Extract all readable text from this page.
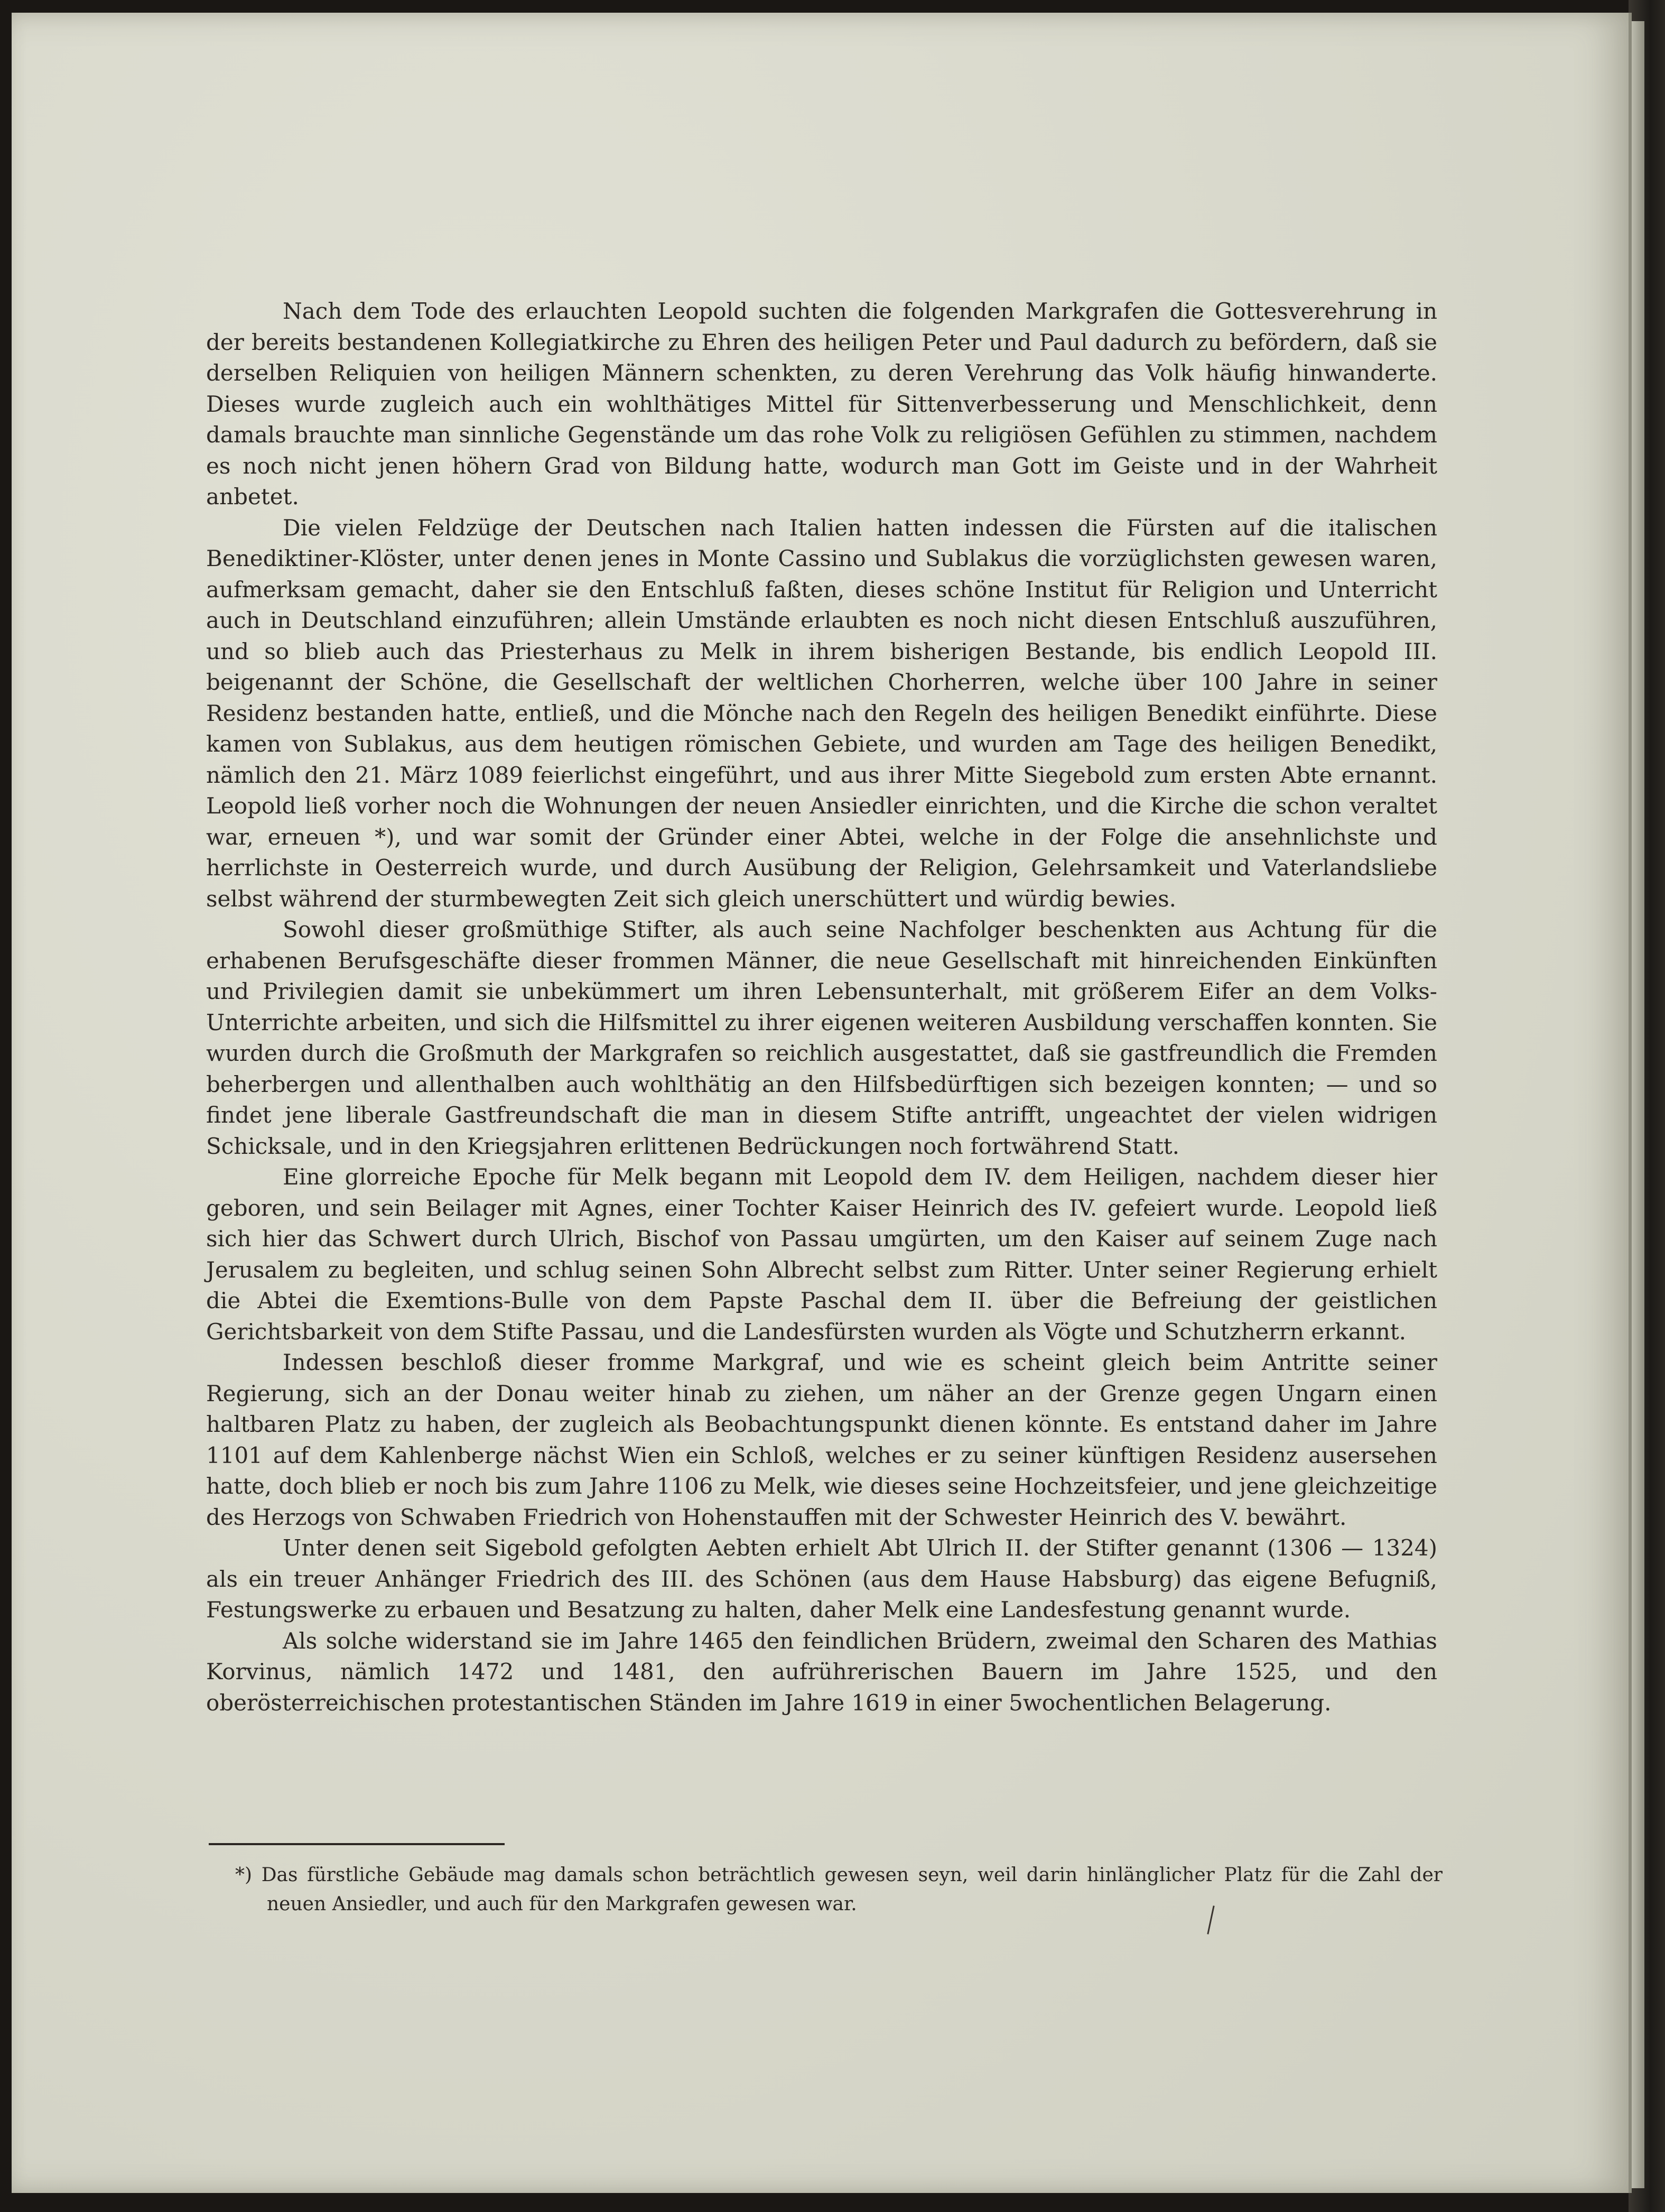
Nach dem Tode des erlauchten Leopold suchten die folgenden Markgrafen die Gottesverehrung in der bereits bestandenen Kollegiatkirche zu Ehren des heiligen Peter und Paul dadurch zu befördern, daß sie derselben Reliquien von heiligen Männern schenkten, zu deren Verehrung das Volk häufig hinwanderte. Dieses wurde zugleich auch ein wohlthätiges Mittel für Sittenverbesserung und Menschlichkeit, denn damals brauchte man sinnliche Gegenstände um das rohe Volk zu religiösen Gefühlen zu stimmen, nachdem es noch nicht jenen höhern Grad von Bildung hatte, wodurch man Gott im Geiste und in der Wahrheit anbetet.

Die vielen Feldzüge der Deutschen nach Italien hatten indessen die Fürsten auf die italischen Benediktiner-Klöster, unter denen jenes in Monte Cassino und Sublakus die vorzüglichsten gewesen waren, aufmerksam gemacht, daher sie den Entschluß faßten, dieses schöne Institut für Religion und Unterricht auch in Deutschland einzuführen; allein Umstände erlaubten es noch nicht diesen Entschluß auszuführen, und so blieb auch das Priesterhaus zu Melk in ihrem bisherigen Bestande, bis endlich Leopold III. beigenannt der Schöne, die Gesellschaft der weltlichen Chorherren, welche über 100 Jahre in seiner Residenz bestanden hatte, entließ, und die Mönche nach den Regeln des heiligen Benedikt einführte. Diese kamen von Sublakus, aus dem heutigen römischen Gebiete, und wurden am Tage des heiligen Benedikt, nämlich den 21. März 1089 feierlichst eingeführt, und aus ihrer Mitte Siegebold zum ersten Abte ernannt. Leopold ließ vorher noch die Wohnungen der neuen Ansiedler einrichten, und die Kirche die schon veraltet war, erneuen *), und war somit der Gründer einer Abtei, welche in der Folge die ansehnlichste und herrlichste in Oesterreich wurde, und durch Ausübung der Religion, Gelehrsamkeit und Vaterlandsliebe selbst während der sturmbewegten Zeit sich gleich unerschüttert und würdig bewies.

Sowohl dieser großmüthige Stifter, als auch seine Nachfolger beschenkten aus Achtung für die erhabenen Berufsgeschäfte dieser frommen Männer, die neue Gesellschaft mit hinreichenden Einkünften und Privilegien damit sie unbekümmert um ihren Lebensunterhalt, mit größerem Eifer an dem Volks-Unterrichte arbeiten, und sich die Hilfsmittel zu ihrer eigenen weiteren Ausbildung verschaffen konnten. Sie wurden durch die Großmuth der Markgrafen so reichlich ausgestattet, daß sie gastfreundlich die Fremden beherbergen und allenthalben auch wohlthätig an den Hilfsbedürftigen sich bezeigen konnten; — und so findet jene liberale Gastfreundschaft die man in diesem Stifte antrifft, ungeachtet der vielen widrigen Schicksale, und in den Kriegsjahren erlittenen Bedrückungen noch fortwährend Statt.

Eine glorreiche Epoche für Melk begann mit Leopold dem IV. dem Heiligen, nachdem dieser hier geboren, und sein Beilager mit Agnes, einer Tochter Kaiser Heinrich des IV. gefeiert wurde. Leopold ließ sich hier das Schwert durch Ulrich, Bischof von Passau umgürten, um den Kaiser auf seinem Zuge nach Jerusalem zu begleiten, und schlug seinen Sohn Albrecht selbst zum Ritter. Unter seiner Regierung erhielt die Abtei die Exemtions-Bulle von dem Papste Paschal dem II. über die Befreiung der geistlichen Gerichtsbarkeit von dem Stifte Passau, und die Landesfürsten wurden als Vögte und Schutzherrn erkannt.

Indessen beschloß dieser fromme Markgraf, und wie es scheint gleich beim Antritte seiner Regierung, sich an der Donau weiter hinab zu ziehen, um näher an der Grenze gegen Ungarn einen haltbaren Platz zu haben, der zugleich als Beobachtungspunkt dienen könnte. Es entstand daher im Jahre 1101 auf dem Kahlenberge nächst Wien ein Schloß, welches er zu seiner künftigen Residenz ausersehen hatte, doch blieb er noch bis zum Jahre 1106 zu Melk, wie dieses seine Hochzeitsfeier, und jene gleichzeitige des Herzogs von Schwaben Friedrich von Hohenstauffen mit der Schwester Heinrich des V. bewährt.

Unter denen seit Sigebold gefolgten Aebten erhielt Abt Ulrich II. der Stifter genannt (1306 — 1324) als ein treuer Anhänger Friedrich des III. des Schönen (aus dem Hause Habsburg) das eigene Befugniß, Festungswerke zu erbauen und Besatzung zu halten, daher Melk eine Landesfestung genannt wurde.

Als solche widerstand sie im Jahre 1465 den feindlichen Brüdern, zweimal den Scharen des Mathias Korvinus, nämlich 1472 und 1481, den aufrührerischen Bauern im Jahre 1525, und den oberösterreichischen protestantischen Ständen im Jahre 1619 in einer 5wochentlichen Belagerung.

*) Das fürstliche Gebäude mag damals schon beträchtlich gewesen seyn, weil darin hinlänglicher Platz für die Zahl der neuen Ansiedler, und auch für den Markgrafen gewesen war.
